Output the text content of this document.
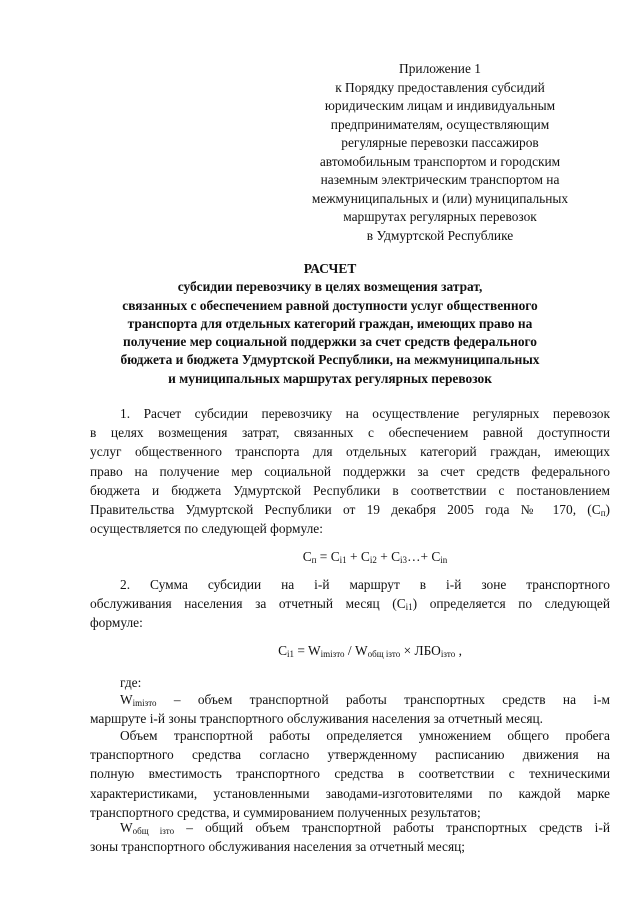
Приложение 1
к Порядку предоставления субсидий
юридическим лицам и индивидуальным
предпринимателям, осуществляющим
регулярные перевозки пассажиров
автомобильным транспортом и городским
наземным электрическим транспортом на
межмуниципальных и (или) муниципальных
маршрутах регулярных перевозок
в Удмуртской Республике
РАСЧЕТ
субсидии перевозчику в целях возмещения затрат,
связанных с обеспечением равной доступности услуг общественного
транспорта для отдельных категорий граждан, имеющих право на
получение мер социальной поддержки за счет средств федерального
бюджета и бюджета Удмуртской Республики, на межмуниципальных
и муниципальных маршрутах регулярных перевозок
1. Расчет субсидии перевозчику на осуществление регулярных перевозок
в целях возмещения затрат, связанных с обеспечением равной доступности
услуг общественного транспорта для отдельных категорий граждан, имеющих
право на получение мер социальной поддержки за счет средств федерального
бюджета и бюджета Удмуртской Республики в соответствии с постановлением
Правительства Удмуртской Республики от 19 декабря 2005 года № 170, $(С_п)$
осуществляется по следующей формуле:
$С_п = С_{i1} + С_{i2}$ + $С_{i3}\dots+ С_{in}$
2. Сумма субсидии на i-й маршрут в i-й зоне транспортного
обслуживания населения за отчетный месяц $(С_{i1})$ определяется по следующей
формуле:
$С_{i1} = W_{imiзто} / W_{общ iзто} \times ЛБО_{iзто}$ ,
где:
$W_{imiзто}$ – объем транспортной работы транспортных средств на i-м
маршруте i-й зоны транспортного обслуживания населения за отчетный месяц.
Объем транспортной работы определяется умножением общего пробега
транспортного средства согласно утвержденному расписанию движения на
полную вместимость транспортного средства в соответствии с техническими
характеристиками, установленными заводами-изготовителями по каждой марке
транспортного средства, и суммированием полученных результатов;
$W_{общ iзто}$ – общий объем транспортной работы транспортных средств i-й
зоны транспортного обслуживания населения за отчетный месяц;
